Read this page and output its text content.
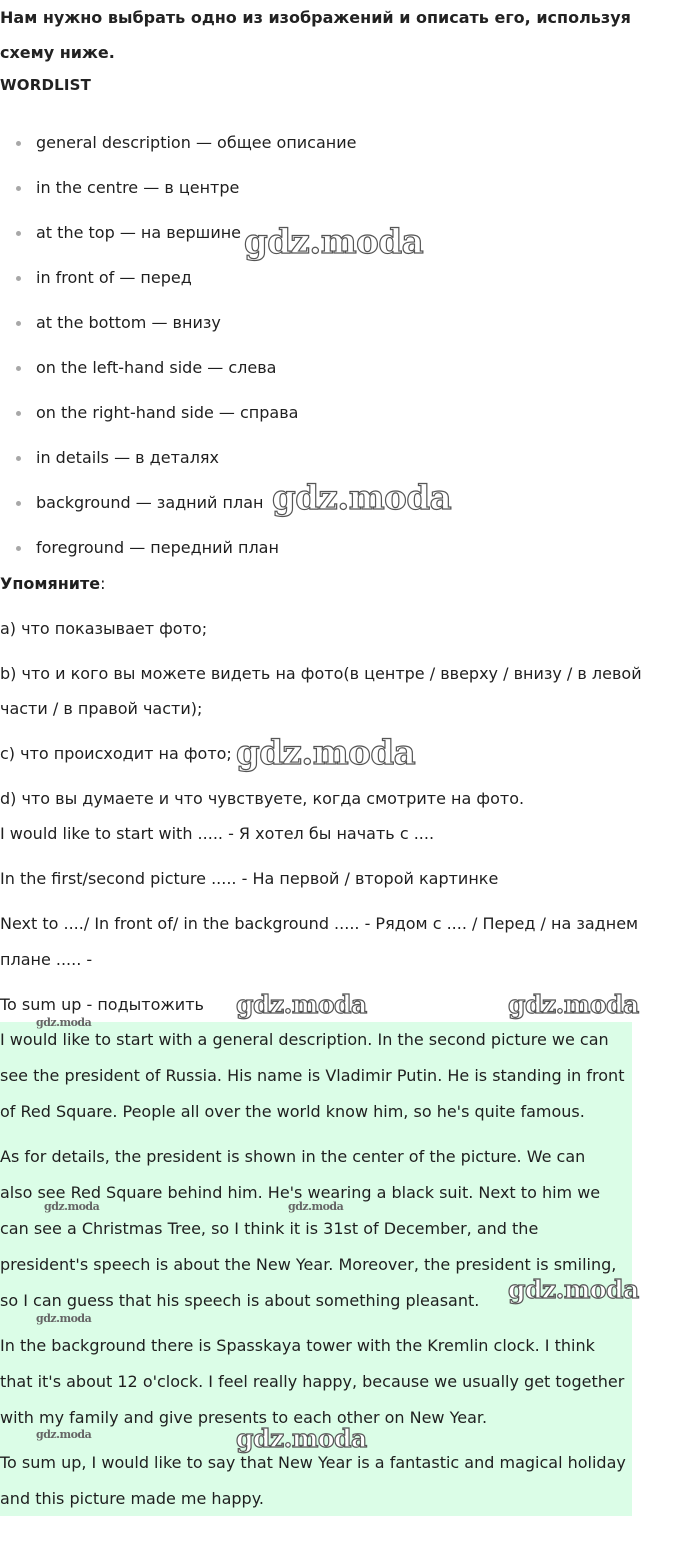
Нам нужно выбрать одно из изображений и описать его, используя схему ниже.
WORDLIST
general description — общее описание
in the centre — в центре
at the top — на вершине
in front of — перед
at the bottom — внизу
on the left-hand side — слева
on the right-hand side — справа
in details — в деталях
background — задний план
foreground — передний план
Упомяните:
a) что показывает фото;
b) что и кого вы можете видеть на фото(в центре / вверху / внизу / в левой
части / в правой части);
c) что происходит на фото;
d) что вы думаете и что чувствуете, когда смотрите на фото.
I would like to start with ..... - Я хотел бы начать с ....
In the first/second picture ..... - На первой / второй картинке
Next to ..../ In front of/ in the background ..... - Рядом с .... / Перед / на заднем
плане ..... -
To sum up - подытожить
I would like to start with a general description. In the second picture we can
see the president of Russia. His name is Vladimir Putin. He is standing in front
of Red Square. People all over the world know him, so he's quite famous.
As for details, the president is shown in the center of the picture. We can
also see Red Square behind him. He's wearing a black suit. Next to him we
can see a Christmas Tree, so I think it is 31st of December, and the
president's speech is about the New Year. Moreover, the president is smiling,
so I can guess that his speech is about something pleasant.
In the background there is Spasskaya tower with the Kremlin clock. I think
that it's about 12 o'clock. I feel really happy, because we usually get together
with my family and give presents to each other on New Year.
To sum up, I would like to say that New Year is a fantastic and magical holiday
and this picture made me happy.
gdz.moda
gdz.moda
gdz.moda
gdz.moda	gdz.moda
gdz.moda
gdz.moda
gdz.moda
gdz.moda	gdz.moda
gdz.moda
gdz.moda
